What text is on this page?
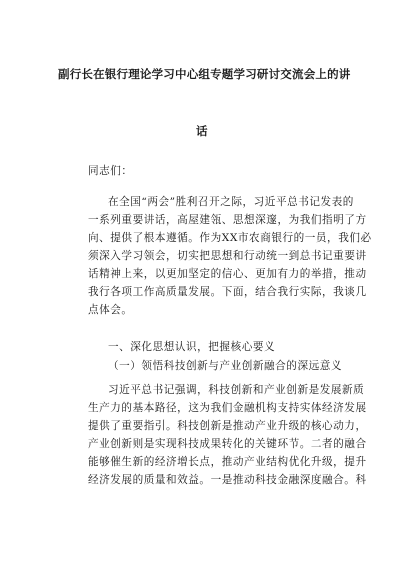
副行长在银行理论学习中心组专题学习研讨交流会上的讲
话
同志们：
在全国“两会”胜利召开之际，习近平总书记发表的
一系列重要讲话，高屋建瓴、思想深邃，为我们指明了方
向、提供了根本遵循。作为XX市农商银行的一员，我们必
须深入学习领会，切实把思想和行动统一到总书记重要讲
话精神上来，以更加坚定的信心、更加有力的举措，推动
我行各项工作高质量发展。下面，结合我行实际，我谈几
点体会。
一、深化思想认识，把握核心要义
（一）领悟科技创新与产业创新融合的深远意义
习近平总书记强调，科技创新和产业创新是发展新质
生产力的基本路径，这为我们金融机构支持实体经济发展
提供了重要指引。科技创新是推动产业升级的核心动力，
产业创新则是实现科技成果转化的关键环节。二者的融合
能够催生新的经济增长点，推动产业结构优化升级，提升
经济发展的质量和效益。一是推动科技金融深度融合。科
